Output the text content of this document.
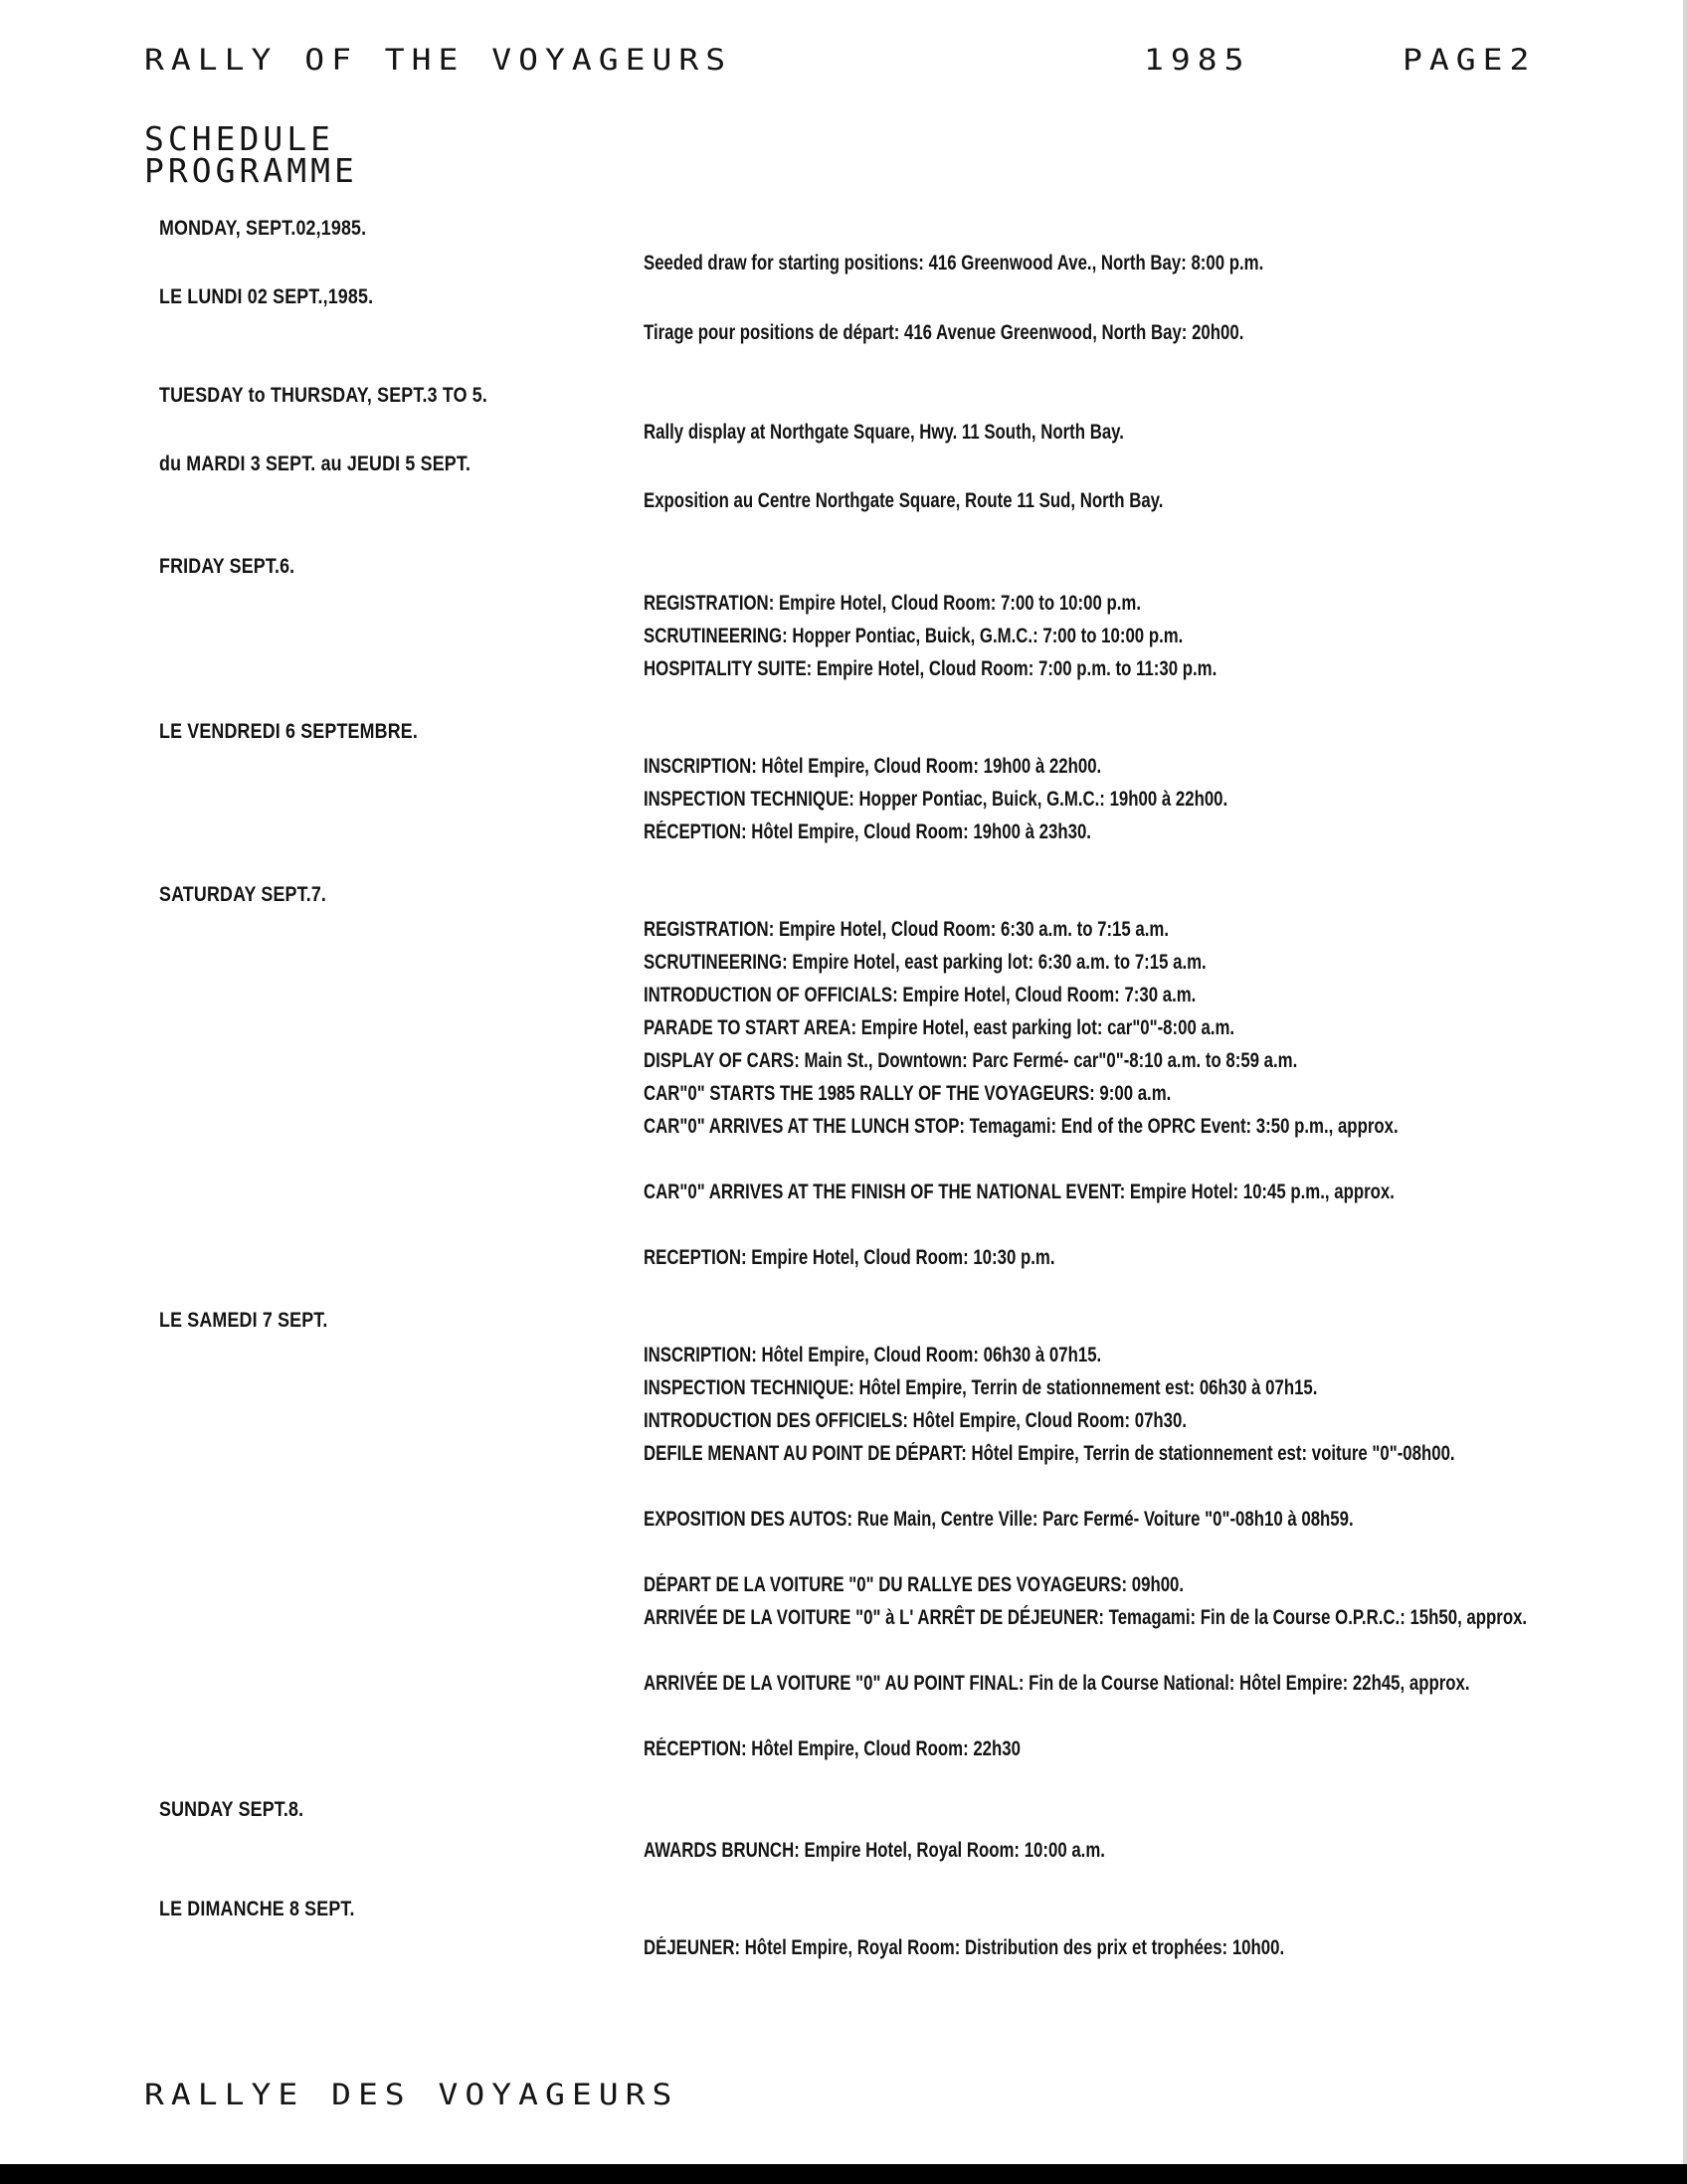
RALLY OF THE VOYAGEURS	1985	PAGE2
SCHEDULE
PROGRAMME
MONDAY, SEPT.02,1985.
LE LUNDI 02 SEPT.,1985.
TUESDAY to THURSDAY, SEPT.3 TO 5.
du MARDI 3 SEPT. au JEUDI 5 SEPT.
FRIDAY SEPT.6.
LE VENDREDI 6 SEPTEMBRE.
SATURDAY SEPT.7.
LE SAMEDI 7 SEPT.
SUNDAY SEPT.8.
LE DIMANCHE 8 SEPT.
Seeded draw for starting positions: 416 Greenwood Ave., North Bay: 8:00 p.m.
Tirage pour positions de départ: 416 Avenue Greenwood, North Bay: 20h00.
Rally display at Northgate Square, Hwy. 11 South, North Bay.
Exposition au Centre Northgate Square, Route 11 Sud, North Bay.
REGISTRATION: Empire Hotel, Cloud Room: 7:00 to 10:00 p.m.
SCRUTINEERING: Hopper Pontiac, Buick, G.M.C.: 7:00 to 10:00 p.m.
HOSPITALITY SUITE: Empire Hotel, Cloud Room: 7:00 p.m. to 11:30 p.m.
INSCRIPTION: Hôtel Empire, Cloud Room: 19h00 à 22h00.
INSPECTION TECHNIQUE: Hopper Pontiac, Buick, G.M.C.: 19h00 à 22h00.
RÉCEPTION: Hôtel Empire, Cloud Room: 19h00 à 23h30.
REGISTRATION: Empire Hotel, Cloud Room: 6:30 a.m. to 7:15 a.m.
SCRUTINEERING: Empire Hotel, east parking lot: 6:30 a.m. to 7:15 a.m.
INTRODUCTION OF OFFICIALS: Empire Hotel, Cloud Room: 7:30 a.m.
PARADE TO START AREA: Empire Hotel, east parking lot: car"0"-8:00 a.m.
DISPLAY OF CARS: Main St., Downtown: Parc Fermé- car"0"-8:10 a.m. to 8:59 a.m.
CAR"0" STARTS THE 1985 RALLY OF THE VOYAGEURS: 9:00 a.m.
CAR"0" ARRIVES AT THE LUNCH STOP: Temagami: End of the OPRC Event: 3:50 p.m., approx.
CAR"0" ARRIVES AT THE FINISH OF THE NATIONAL EVENT: Empire Hotel: 10:45 p.m., approx.
RECEPTION: Empire Hotel, Cloud Room: 10:30 p.m.
INSCRIPTION: Hôtel Empire, Cloud Room: 06h30 à 07h15.
INSPECTION TECHNIQUE: Hôtel Empire, Terrin de stationnement est: 06h30 à 07h15.
INTRODUCTION DES OFFICIELS: Hôtel Empire, Cloud Room: 07h30.
DEFILE MENANT AU POINT DE DÉPART: Hôtel Empire, Terrin de stationnement est: voiture "0"-08h00.
EXPOSITION DES AUTOS: Rue Main, Centre Ville: Parc Fermé- Voiture "0"-08h10 à 08h59.
DÉPART DE LA VOITURE "0" DU RALLYE DES VOYAGEURS: 09h00.
ARRIVÉE DE LA VOITURE "0" à L' ARRÊT DE DÉJEUNER: Temagami: Fin de la Course O.P.R.C.: 15h50, approx.
ARRIVÉE DE LA VOITURE "0" AU POINT FINAL: Fin de la Course National: Hôtel Empire: 22h45, approx.
RÉCEPTION: Hôtel Empire, Cloud Room: 22h30
AWARDS BRUNCH: Empire Hotel, Royal Room: 10:00 a.m.
DÉJEUNER: Hôtel Empire, Royal Room: Distribution des prix et trophées: 10h00.
RALLYE DES VOYAGEURS
